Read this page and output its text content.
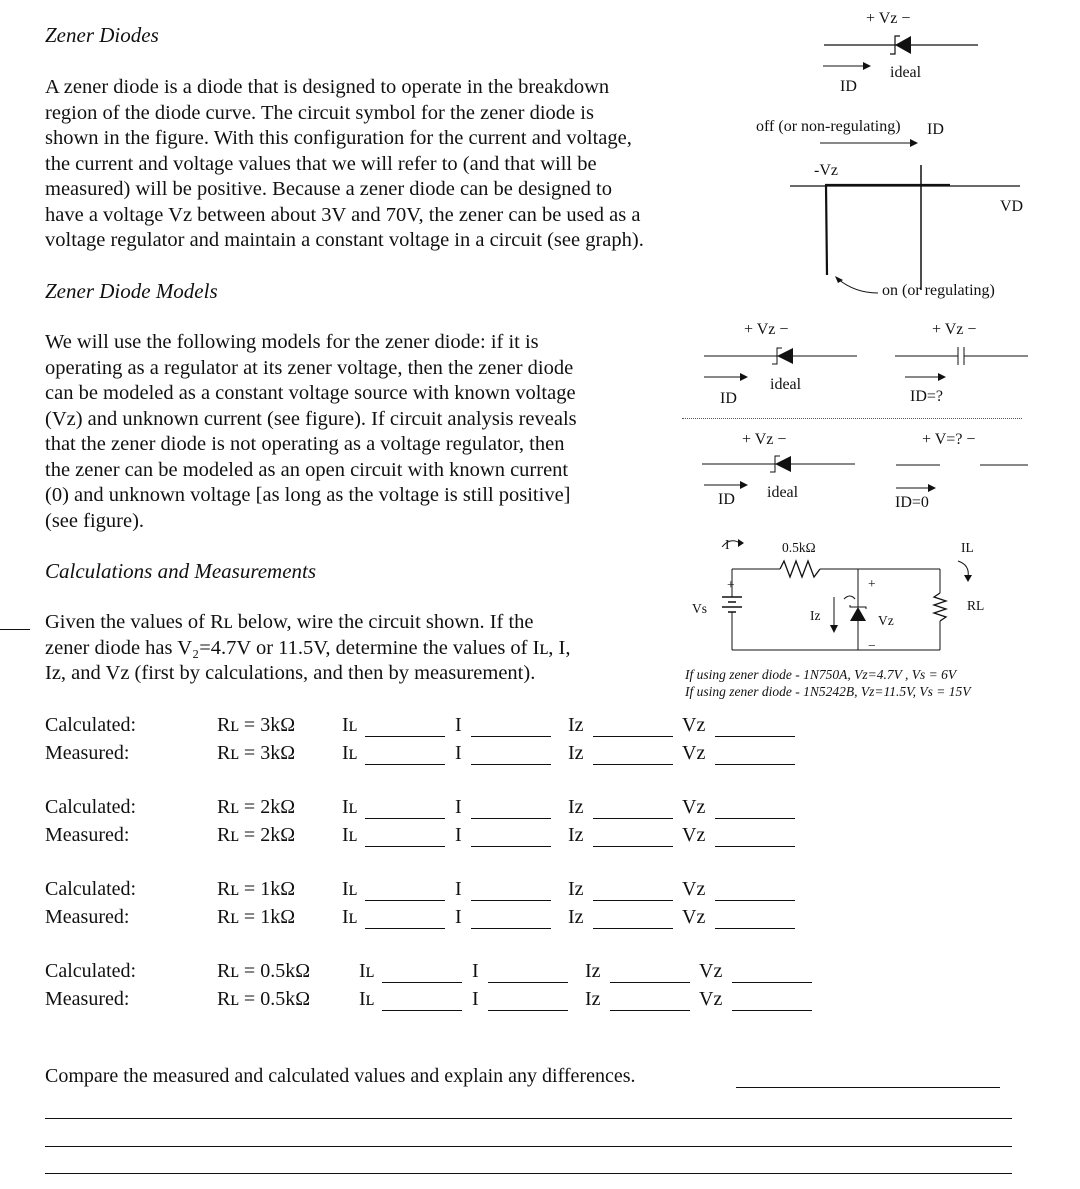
Zener Diodes

A zener diode is a diode that is designed to operate in the breakdown

region of the diode curve. The circuit symbol for the zener diode is

shown in the figure. With this configuration for the current and voltage,

the current and voltage values that we will refer to (and that will be

measured) will be positive. Because a zener diode can be designed to

have a voltage Vz between about 3V and 70V, the zener can be used as a

voltage regulator and maintain a constant voltage in a circuit (see graph).

Zener Diode Models

We will use the following models for the zener diode: if it is

operating as a regulator at its zener voltage, then the zener diode

can be modeled as a constant voltage source with known voltage

(Vz) and unknown current (see figure). If circuit analysis reveals

that the zener diode is not operating as a voltage regulator, then

the zener can be modeled as an open circuit with known current

(0) and unknown voltage [as long as the voltage is still positive]

(see figure).

Calculations and Measurements

Given the values of Rʟ below, wire the circuit shown. If the

zener diode has V₂=4.7V or 11.5V, determine the values of Iʟ, I,

Iz, and Vz (first by calculations, and then by measurement).

+ Vz −
ideal
ID
off (or non-regulating) ID
-Vz
VD
on (or regulating)
+ Vz −	+ Vz −
ideal
ID	ID=?
+ Vz −	+ V=? −
ideal
ID	ID=0
I	0.5kΩ	IL
+	+
Vs	Iz	Vz
RL
−
If using zener diode - 1N750A, Vz=4.7V , Vs = 6V
If using zener diode - 1N5242B, Vz=11.5V, Vs = 15V
Calculated:	Rʟ = 3kΩ Iʟ	I	Iz	Vz
Measured:	Rʟ = 3kΩ Iʟ	I	Iz	Vz
Calculated:	Rʟ = 2kΩ Iʟ	I	Iz	Vz
Measured:	Rʟ = 2kΩ Iʟ	I	Iz	Vz
Calculated:	Rʟ = 1kΩ Iʟ	I	Iz	Vz
Measured:	Rʟ = 1kΩ Iʟ	I	Iz	Vz
Calculated:	Rʟ = 0.5kΩ Iʟ	I	Iz	Vz
Measured:	Rʟ = 0.5kΩ Iʟ	I	Iz	Vz
Compare the measured and calculated values and explain any differences.
